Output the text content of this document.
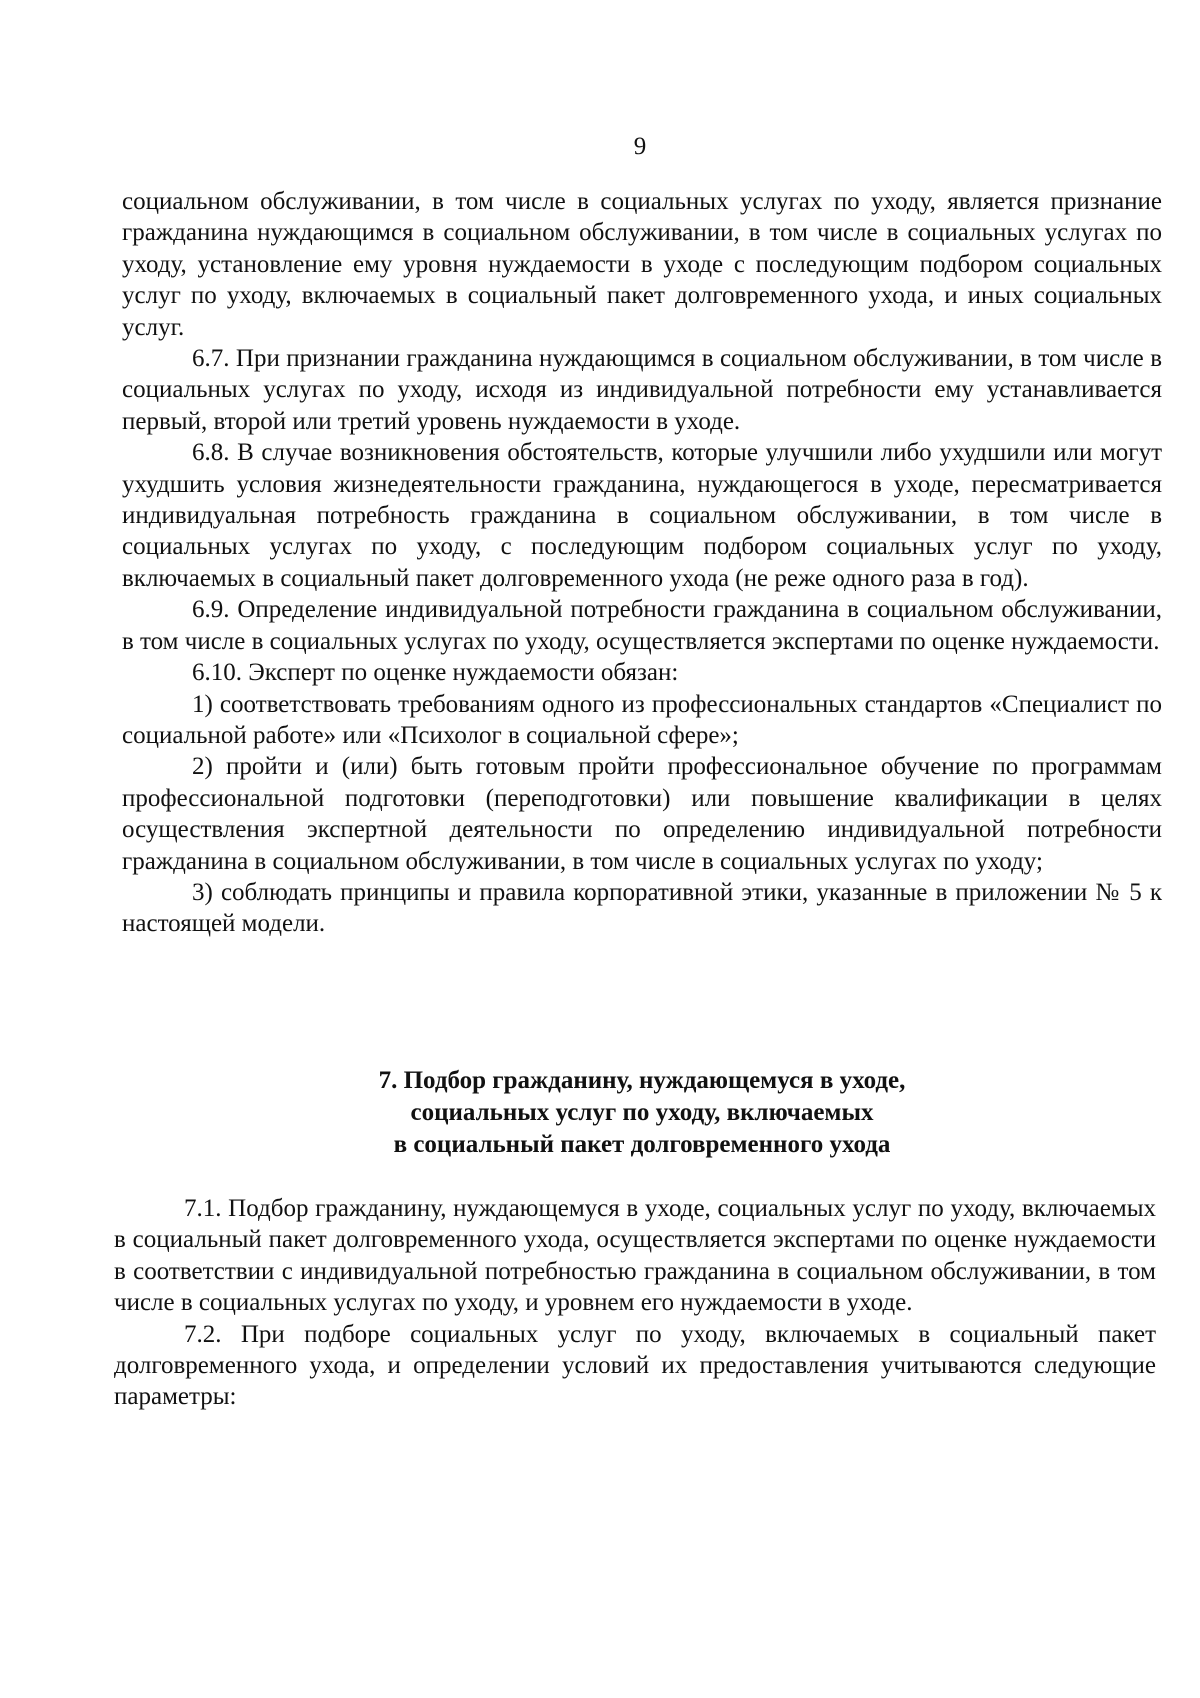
9

социальном обслуживании, в том числе в социальных услугах по уходу, является признание гражданина нуждающимся в социальном обслуживании, в том числе в социальных услугах по уходу, установление ему уровня нуждаемости в уходе с последующим подбором социальных услуг по уходу, включаемых в социальный пакет долговременного ухода, и иных социальных услуг.

6.7. При признании гражданина нуждающимся в социальном обслуживании, в том числе в социальных услугах по уходу, исходя из индивидуальной потребности ему устанавливается первый, второй или третий уровень нуждаемости в уходе.

6.8. В случае возникновения обстоятельств, которые улучшили либо ухудшили или могут ухудшить условия жизнедеятельности гражданина, нуждающегося в уходе, пересматривается индивидуальная потребность гражданина в социальном обслуживании, в том числе в социальных услугах по уходу, с последующим подбором социальных услуг по уходу, включаемых в социальный пакет долговременного ухода (не реже одного раза в год).

6.9. Определение индивидуальной потребности гражданина в социальном обслуживании, в том числе в социальных услугах по уходу, осуществляется экспертами по оценке нуждаемости.

6.10. Эксперт по оценке нуждаемости обязан:

1) соответствовать требованиям одного из профессиональных стандартов «Специалист по социальной работе» или «Психолог в социальной сфере»;

2) пройти и (или) быть готовым пройти профессиональное обучение по программам профессиональной подготовки (переподготовки) или повышение квалификации в целях осуществления экспертной деятельности по определению индивидуальной потребности гражданина в социальном обслуживании, в том числе в социальных услугах по уходу;

3) соблюдать принципы и правила корпоративной этики, указанные в приложении № 5 к настоящей модели.

7. Подбор гражданину, нуждающемуся в уходе,
социальных услуг по уходу, включаемых
в социальный пакет долговременного ухода

7.1. Подбор гражданину, нуждающемуся в уходе, социальных услуг по уходу, включаемых в социальный пакет долговременного ухода, осуществляется экспертами по оценке нуждаемости в соответствии с индивидуальной потребностью гражданина в социальном обслуживании, в том числе в социальных услугах по уходу, и уровнем его нуждаемости в уходе.

7.2. При подборе социальных услуг по уходу, включаемых в социальный пакет долговременного ухода, и определении условий их предоставления учитываются следующие параметры:
